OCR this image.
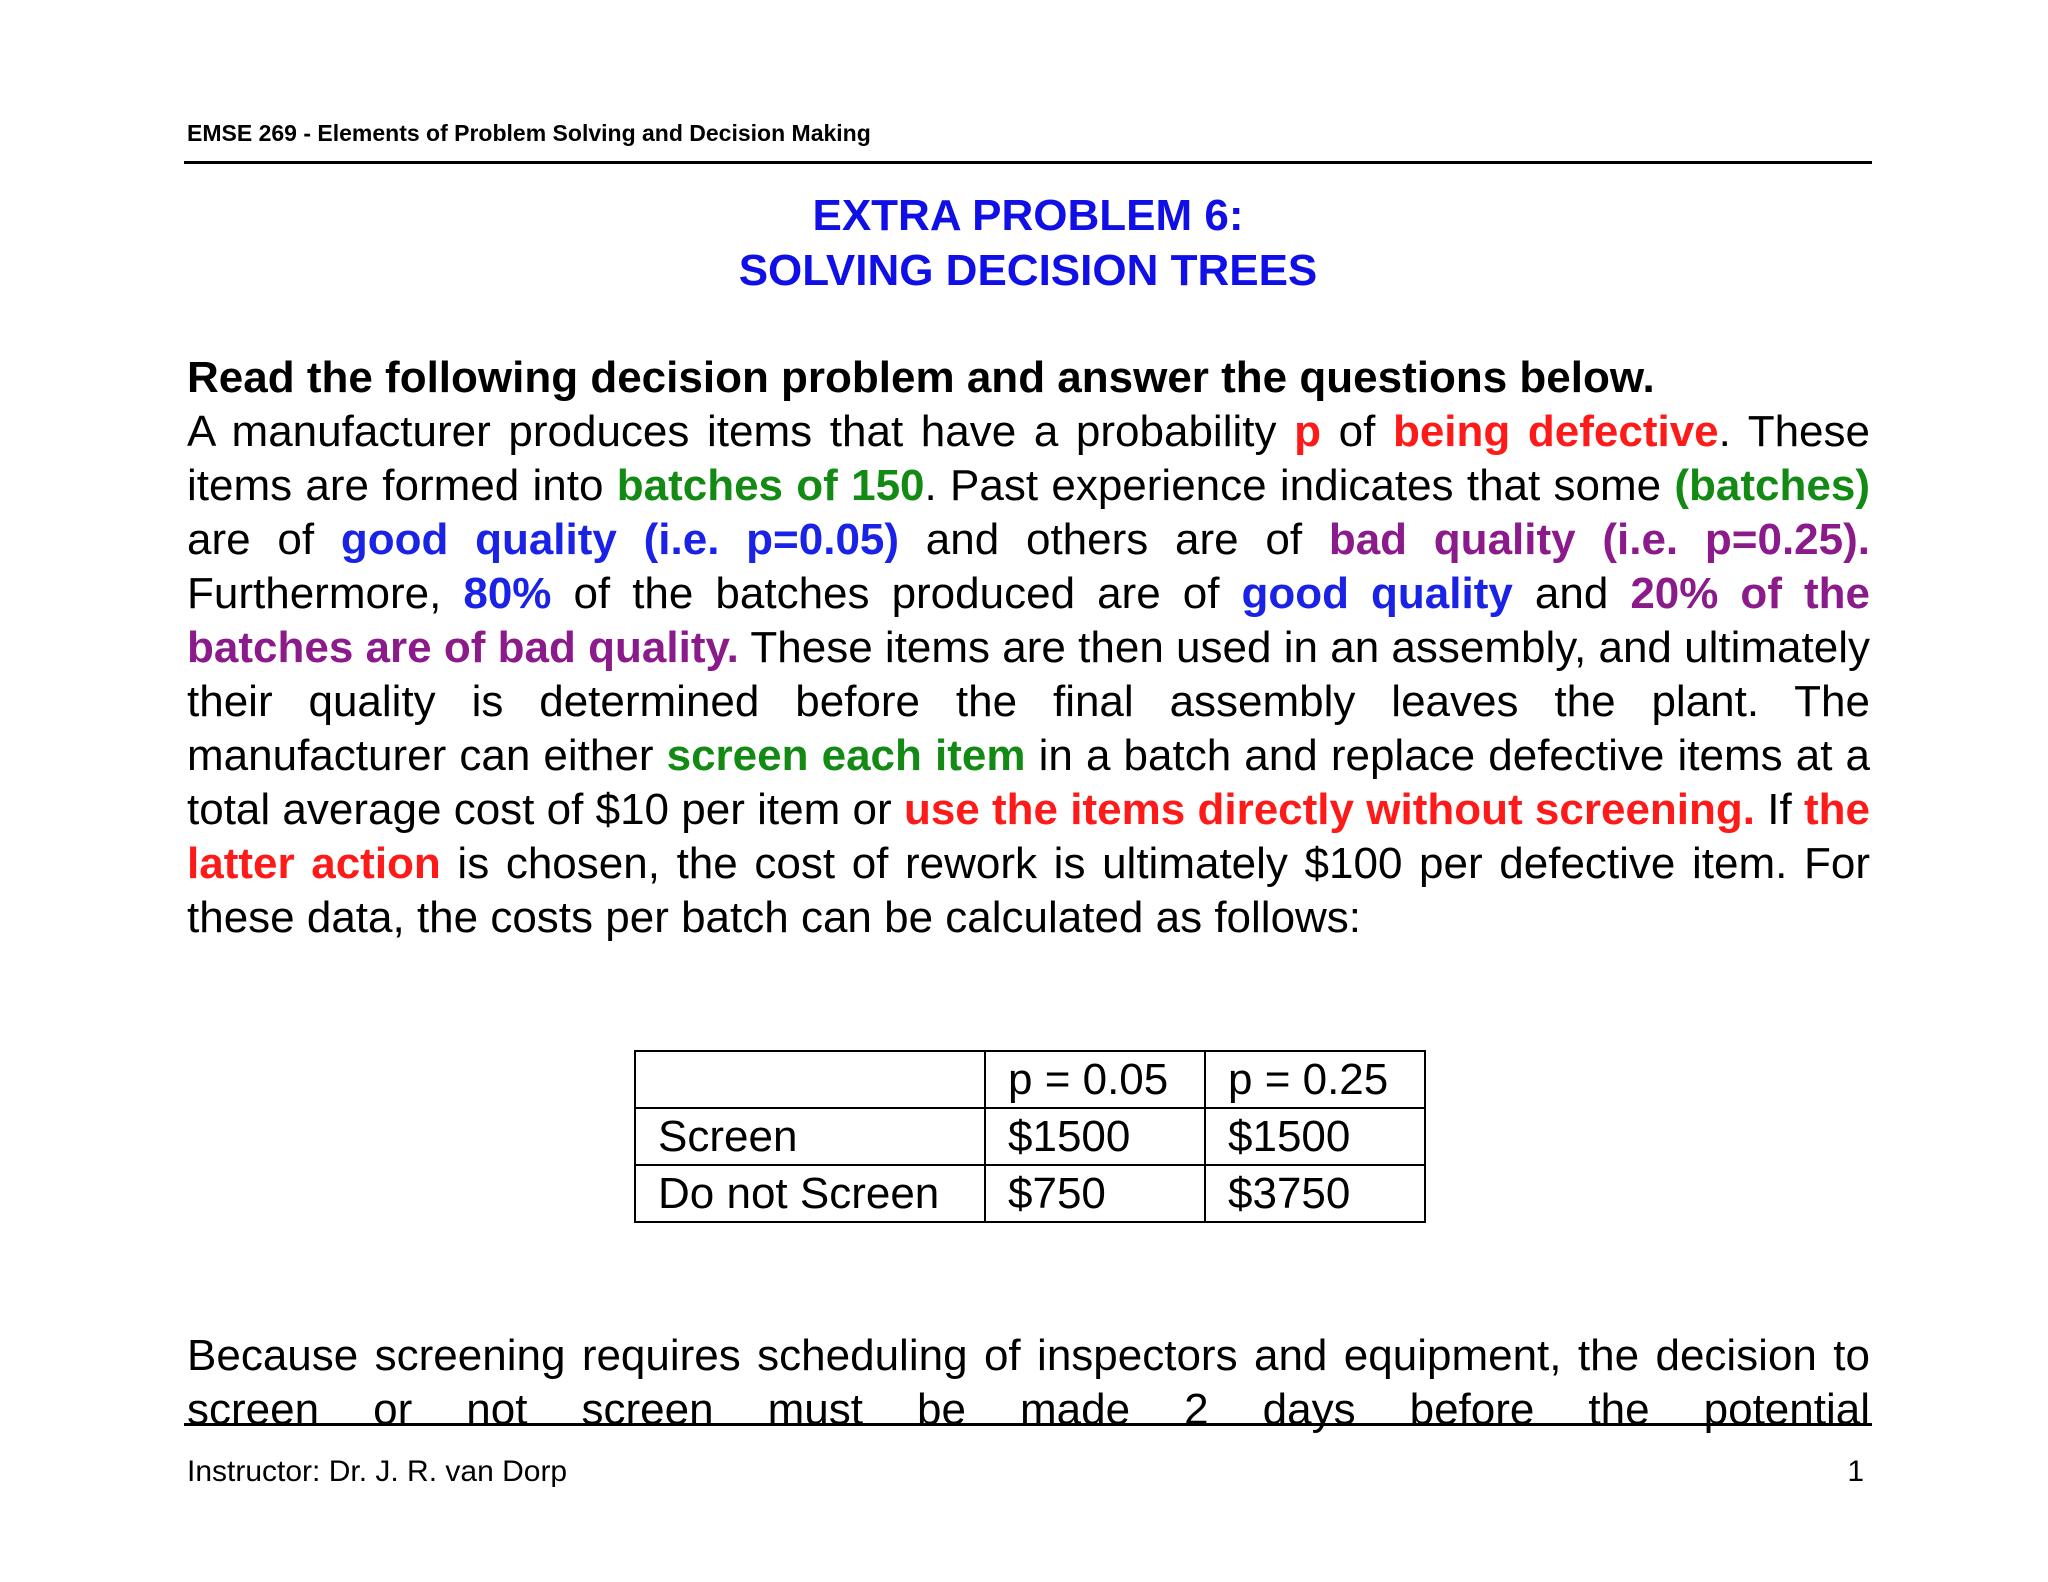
EMSE 269 - Elements of Problem Solving and Decision Making
EXTRA PROBLEM 6:
SOLVING DECISION TREES
Read the following decision problem and answer the questions below.

A manufacturer produces items that have a probability p of being defective. These items are formed into batches of 150. Past experience indicates that some (batches) are of good quality (i.e. p=0.05) and others are of bad quality (i.e. p=0.25). Furthermore, 80% of the batches produced are of good quality and 20% of the batches are of bad quality. These items are then used in an assembly, and ultimately their quality is determined before the final assembly leaves the plant. The manufacturer can either screen each item in a batch and replace defective items at a total average cost of $10 per item or use the items directly without screening. If the latter action is chosen, the cost of rework is ultimately $100 per defective item. For these data, the costs per batch can be calculated as follows:

	p = 0.05	p = 0.25
Screen	$1500	$1500
Do not Screen	$750	$3750

Because screening requires scheduling of inspectors and equipment, the decision to screen or not screen must be made 2 days before the potential

Instructor: Dr. J. R. van Dorp	1
